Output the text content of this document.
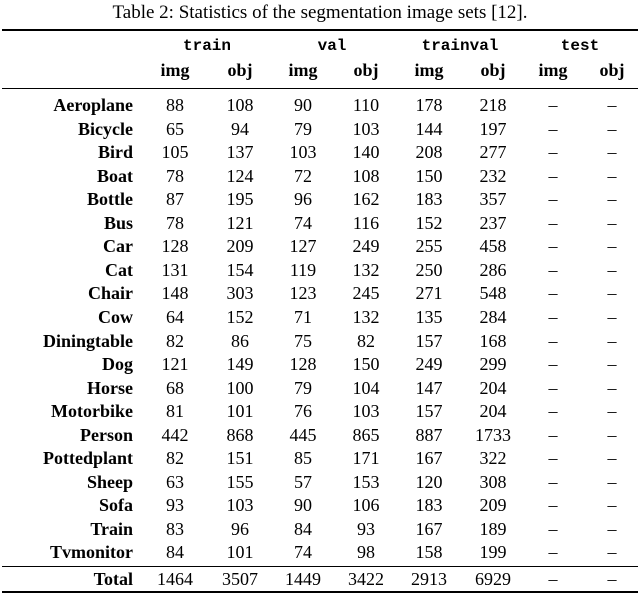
Table 2: Statistics of the segmentation image sets [12].
train	val	trainval	test
img	obj	img	obj	img	obj	img	obj
Aeroplane	88	108	90	110	178	218	–	–
Bicycle	65	94	79	103	144	197	–	–
Bird	105	137	103	140	208	277	–	–
Boat	78	124	72	108	150	232	–	–
Bottle	87	195	96	162	183	357	–	–
Bus	78	121	74	116	152	237	–	–
Car	128	209	127	249	255	458	–	–
Cat	131	154	119	132	250	286	–	–
Chair	148	303	123	245	271	548	–	–
Cow	64	152	71	132	135	284	–	–
Diningtable	82	86	75	82	157	168	–	–
Dog	121	149	128	150	249	299	–	–
Horse	68	100	79	104	147	204	–	–
Motorbike	81	101	76	103	157	204	–	–
Person	442	868	445	865	887	1733	–	–
Pottedplant	82	151	85	171	167	322	–	–
Sheep	63	155	57	153	120	308	–	–
Sofa	93	103	90	106	183	209	–	–
Train	83	96	84	93	167	189	–	–
Tvmonitor	84	101	74	98	158	199	–	–
Total	1464	3507	1449	3422	2913	6929	–	–
